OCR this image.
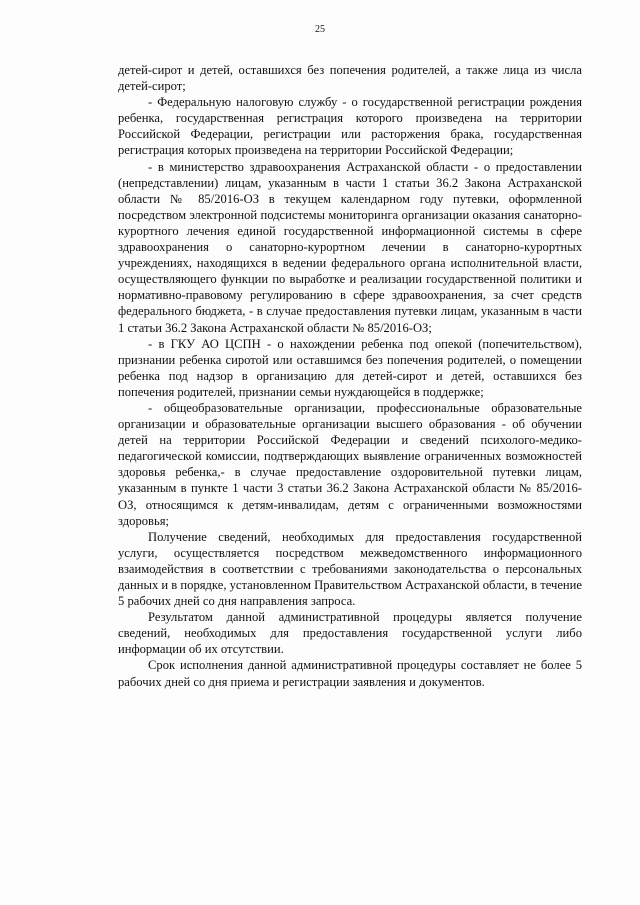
25

детей-сирот и детей, оставшихся без попечения родителей, а также лица из числа детей-сирот;

- Федеральную налоговую службу - о государственной регистрации рождения ребенка, государственная регистрация которого произведена на территории Российской Федерации, регистрации или расторжения брака, государственная регистрация которых произведена на территории Российской Федерации;

- в министерство здравоохранения Астраханской области - о предоставлении (непредставлении) лицам, указанным в части 1 статьи 36.2 Закона Астраханской области № 85/2016-ОЗ в текущем календарном году путевки, оформленной посредством электронной подсистемы мониторинга организации оказания санаторно-курортного лечения единой государственной информационной системы в сфере здравоохранения о санаторно-курортном лечении в санаторно-курортных учреждениях, находящихся в ведении федерального органа исполнительной власти, осуществляющего функции по выработке и реализации государственной политики и нормативно-правовому регулированию в сфере здравоохранения, за счет средств федерального бюджета, - в случае предоставления путевки лицам, указанным в части 1 статьи 36.2 Закона Астраханской области № 85/2016-ОЗ;

- в ГКУ АО ЦСПН - о нахождении ребенка под опекой (попечительством), признании ребенка сиротой или оставшимся без попечения родителей, о помещении ребенка под надзор в организацию для детей-сирот и детей, оставшихся без попечения родителей, признании семьи нуждающейся в поддержке;

- общеобразовательные организации, профессиональные образовательные организации и образовательные организации высшего образования - об обучении детей на территории Российской Федерации и сведений психолого-медико-педагогической комиссии, подтверждающих выявление ограниченных возможностей здоровья ребенка,- в случае предоставление оздоровительной путевки лицам, указанным в пункте 1 части 3 статьи 36.2 Закона Астраханской области № 85/2016-ОЗ, относящимся к детям-инвалидам, детям с ограниченными возможностями здоровья;

Получение сведений, необходимых для предоставления государственной услуги, осуществляется посредством межведомственного информационного взаимодействия в соответствии с требованиями законодательства о персональных данных и в порядке, установленном Правительством Астраханской области, в течение 5 рабочих дней со дня направления запроса.

Результатом данной административной процедуры является получение сведений, необходимых для предоставления государственной услуги либо информации об их отсутствии.

Срок исполнения данной административной процедуры составляет не более 5 рабочих дней со дня приема и регистрации заявления и документов.
